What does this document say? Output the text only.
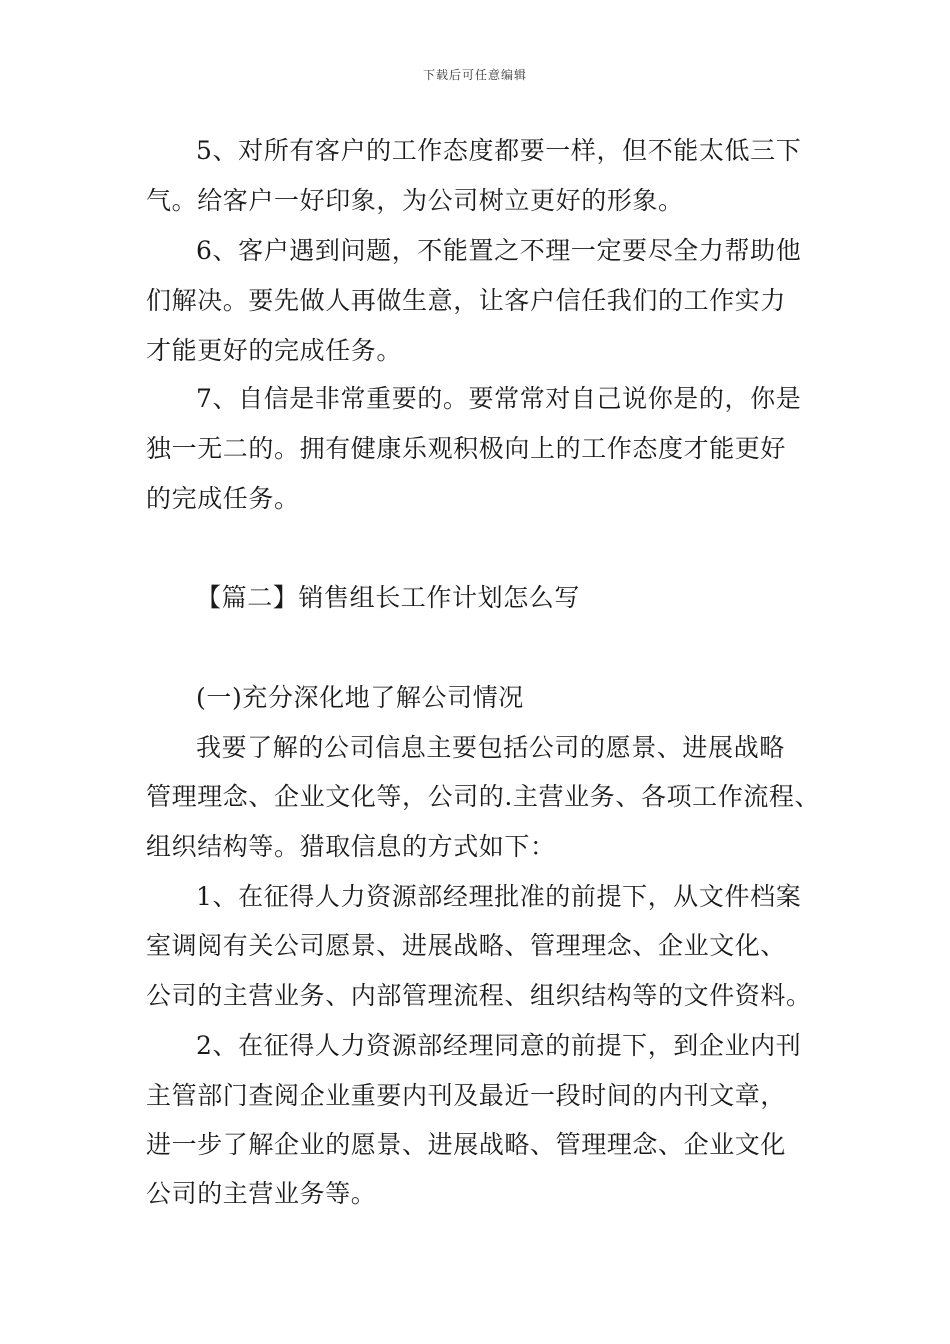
下载后可任意编辑
5、对所有客户的工作态度都要一样，但不能太低三下
气。给客户一好印象，为公司树立更好的形象。
6、客户遇到问题，不能置之不理一定要尽全力帮助他
们解决。要先做人再做生意，让客户信任我们的工作实力
才能更好的完成任务。
7、自信是非常重要的。要常常对自己说你是的，你是
独一无二的。拥有健康乐观积极向上的工作态度才能更好
的完成任务。
【篇二】销售组长工作计划怎么写
(一)充分深化地了解公司情况
我要了解的公司信息主要包括公司的愿景、进展战略
管理理念、企业文化等，公司的.主营业务、各项工作流程、
组织结构等。猎取信息的方式如下：
1、在征得人力资源部经理批准的前提下，从文件档案
室调阅有关公司愿景、进展战略、管理理念、企业文化、
公司的主营业务、内部管理流程、组织结构等的文件资料。
2、在征得人力资源部经理同意的前提下，到企业内刊
主管部门查阅企业重要内刊及最近一段时间的内刊文章，
进一步了解企业的愿景、进展战略、管理理念、企业文化
公司的主营业务等。
